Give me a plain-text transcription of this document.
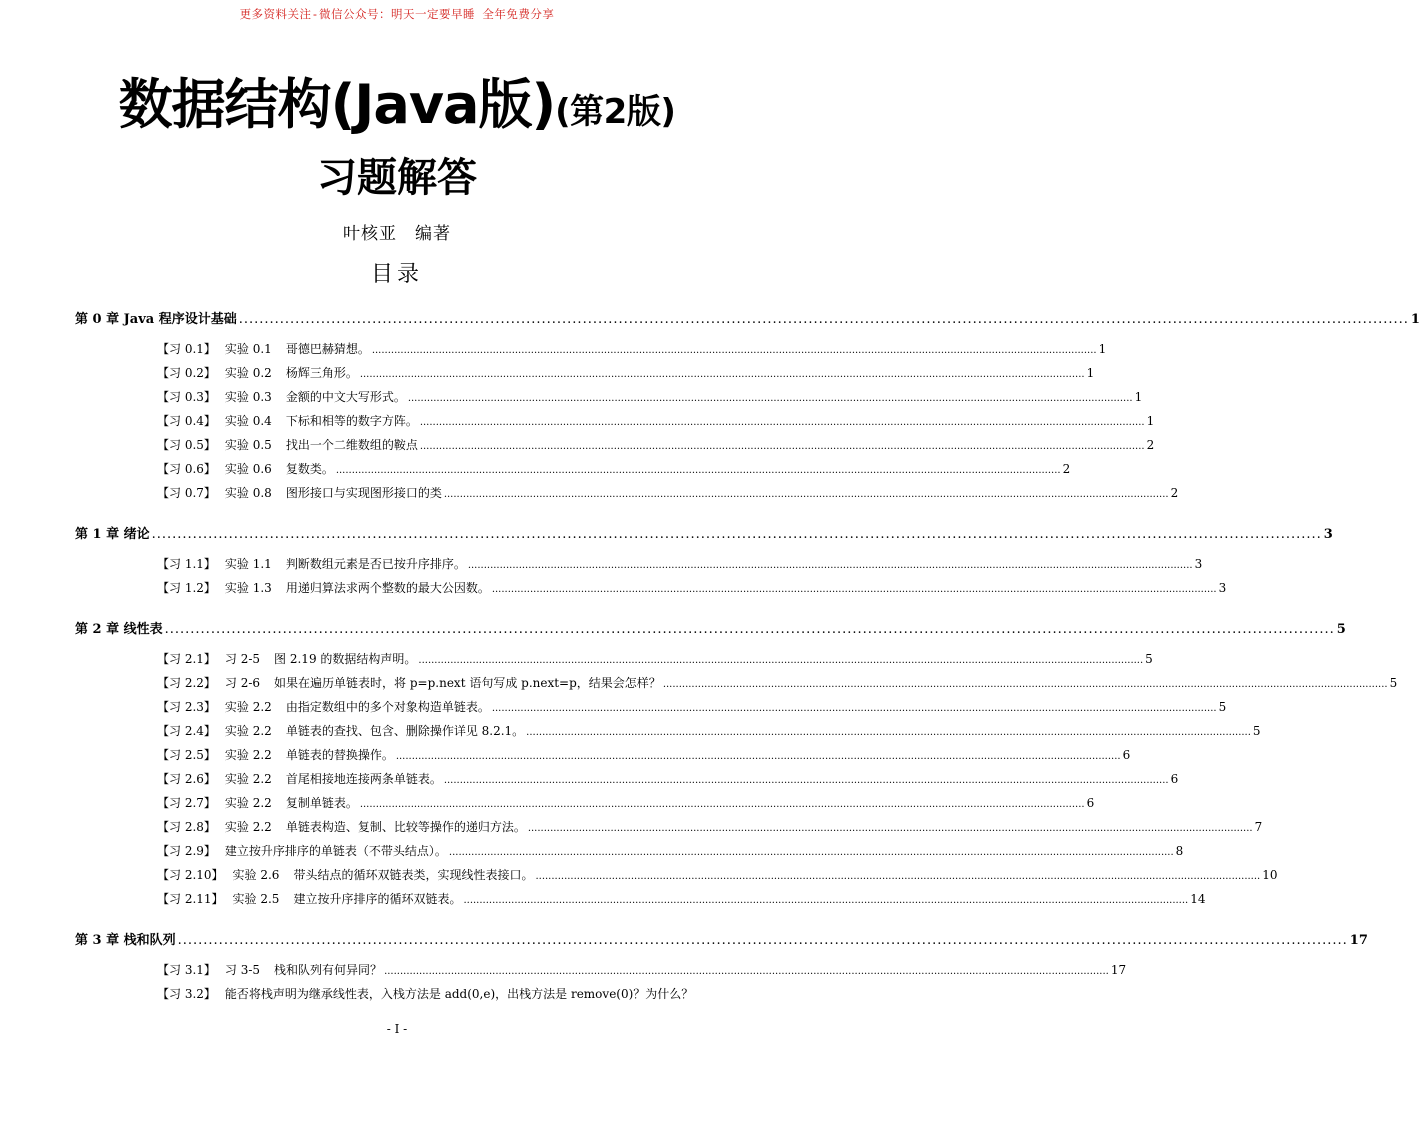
更多资料关注-微信公众号：明天一定要早睡 全年免费分享
数据结构(Java版)(第2版)
习题解答
叶核亚　编著
目录
第 0 章 Java 程序设计基础 .....	1
【习 0.1】 实验 0.1 哥德巴赫猜想。 .....	1
【习 0.2】 实验 0.2 杨辉三角形。 .....	1
【习 0.3】 实验 0.3 金额的中文大写形式。 .....	1
【习 0.4】 实验 0.4 下标和相等的数字方阵。 .....	1
【习 0.5】 实验 0.5 找出一个二维数组的鞍点 .....	2
【习 0.6】 实验 0.6 复数类。 .....	2
【习 0.7】 实验 0.8 图形接口与实现图形接口的类 .....	2
第 1 章 绪论 .....	3
【习 1.1】 实验 1.1 判断数组元素是否已按升序排序。 .....	3
【习 1.2】 实验 1.3 用递归算法求两个整数的最大公因数。 .....	3
第 2 章 线性表 .....	5
【习 2.1】 习 2-5 图 2.19 的数据结构声明。 .....	5
【习 2.2】 习 2-6 如果在遍历单链表时，将 p=p.next 语句写成 p.next=p，结果会怎样？ .....	5
【习 2.3】 实验 2.2 由指定数组中的多个对象构造单链表。 .....	5
【习 2.4】 实验 2.2 单链表的查找、包含、删除操作详见 8.2.1。 .....	5
【习 2.5】 实验 2.2 单链表的替换操作。 .....	6
【习 2.6】 实验 2.2 首尾相接地连接两条单链表。 .....	6
【习 2.7】 实验 2.2 复制单链表。 .....	6
【习 2.8】 实验 2.2 单链表构造、复制、比较等操作的递归方法。 .....	7
【习 2.9】 建立按升序排序的单链表（不带头结点）。 .....	8
【习 2.10】 实验 2.6 带头结点的循环双链表类，实现线性表接口。 .....	10
【习 2.11】 实验 2.5 建立按升序排序的循环双链表。 .....	14
第 3 章 栈和队列 .....	17
【习 3.1】 习 3-5 栈和队列有何异同？ .....	17
【习 3.2】 能否将栈声明为继承线性表，入栈方法是 add(0,e)，出栈方法是 remove(0)？为什么？
- I -
